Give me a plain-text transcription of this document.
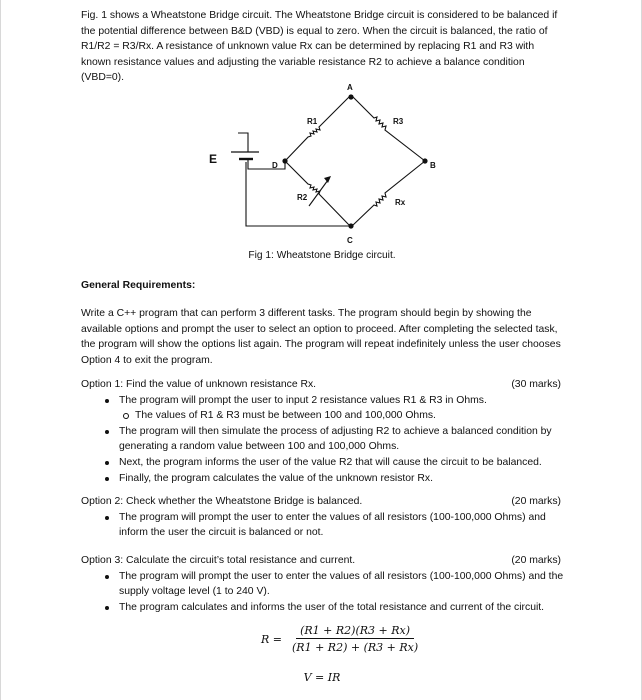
Fig. 1 shows a Wheatstone Bridge circuit. The Wheatstone Bridge circuit is considered to be balanced if the potential difference between B&D (VBD) is equal to zero. When the circuit is balanced, the ratio of R1/R2 = R3/Rx. A resistance of unknown value Rx can be determined by replacing R1 and R3 with known resistance values and adjusting the variable resistance R2 to achieve a balance condition (VBD=0).

A
B
C
D
E
R1	R3
R2
Rx
Fig 1: Wheatstone Bridge circuit.
General Requirements:

Write a C++ program that can perform 3 different tasks. The program should begin by showing the available options and prompt the user to select an option to proceed. After completing the selected task, the program will show the options list again. The program will repeat indefinitely unless the user chooses Option 4 to exit the program.

Option 1: Find the value of unknown resistance Rx.	(30 marks)
The program will prompt the user to input 2 resistance values R1 & R3 in Ohms.
The values of R1 & R3 must be between 100 and 100,000 Ohms.
The program will then simulate the process of adjusting R2 to achieve a balanced condition by generating a random value between 100 and 100,000 Ohms.
Next, the program informs the user of the value R2 that will cause the circuit to be balanced.
Finally, the program calculates the value of the unknown resistor Rx.
Option 2: Check whether the Wheatstone Bridge is balanced.	(20 marks)
The program will prompt the user to enter the values of all resistors (100-100,000 Ohms) and inform the user the circuit is balanced or not.
Option 3: Calculate the circuit’s total resistance and current.	(20 marks)
The program will prompt the user to enter the values of all resistors (100-100,000 Ohms) and the supply voltage level (1 to 240 V).
The program calculates and informs the user of the total resistance and current of the circuit.
$R = \frac{(R1 + R2)(R3 + Rx)}{(R1 + R2) + (R3 + Rx)}$
V = IR
